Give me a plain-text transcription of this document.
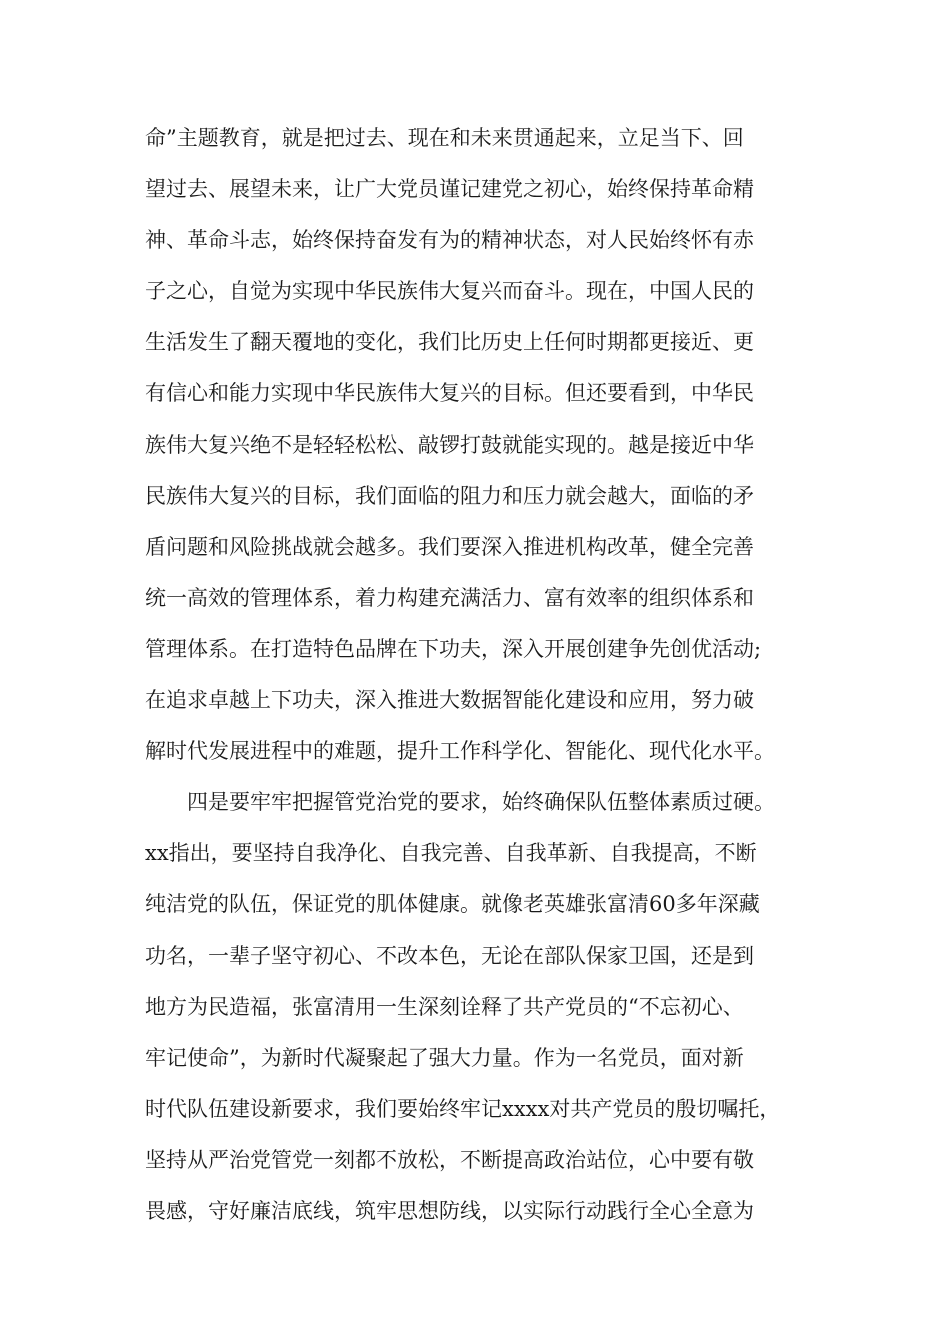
命”主题教育，就是把过去、现在和未来贯通起来，立足当下、回
望过去、展望未来，让广大党员谨记建党之初心，始终保持革命精
神、革命斗志，始终保持奋发有为的精神状态，对人民始终怀有赤
子之心，自觉为实现中华民族伟大复兴而奋斗。现在，中国人民的
生活发生了翻天覆地的变化，我们比历史上任何时期都更接近、更
有信心和能力实现中华民族伟大复兴的目标。但还要看到，中华民
族伟大复兴绝不是轻轻松松、敲锣打鼓就能实现的。越是接近中华
民族伟大复兴的目标，我们面临的阻力和压力就会越大，面临的矛
盾问题和风险挑战就会越多。我们要深入推进机构改革，健全完善
统一高效的管理体系，着力构建充满活力、富有效率的组织体系和
管理体系。在打造特色品牌在下功夫，深入开展创建争先创优活动;
在追求卓越上下功夫，深入推进大数据智能化建设和应用，努力破
解时代发展进程中的难题，提升工作科学化、智能化、现代化水平。
四是要牢牢把握管党治党的要求，始终确保队伍整体素质过硬。
xx指出，要坚持自我净化、自我完善、自我革新、自我提高，不断
纯洁党的队伍，保证党的肌体健康。就像老英雄张富清60多年深藏
功名，一辈子坚守初心、不改本色，无论在部队保家卫国，还是到
地方为民造福，张富清用一生深刻诠释了共产党员的“不忘初心、
牢记使命”，为新时代凝聚起了强大力量。作为一名党员，面对新
时代队伍建设新要求，我们要始终牢记xxxx对共产党员的殷切嘱托，
坚持从严治党管党一刻都不放松，不断提高政治站位，心中要有敬
畏感，守好廉洁底线，筑牢思想防线，以实际行动践行全心全意为
